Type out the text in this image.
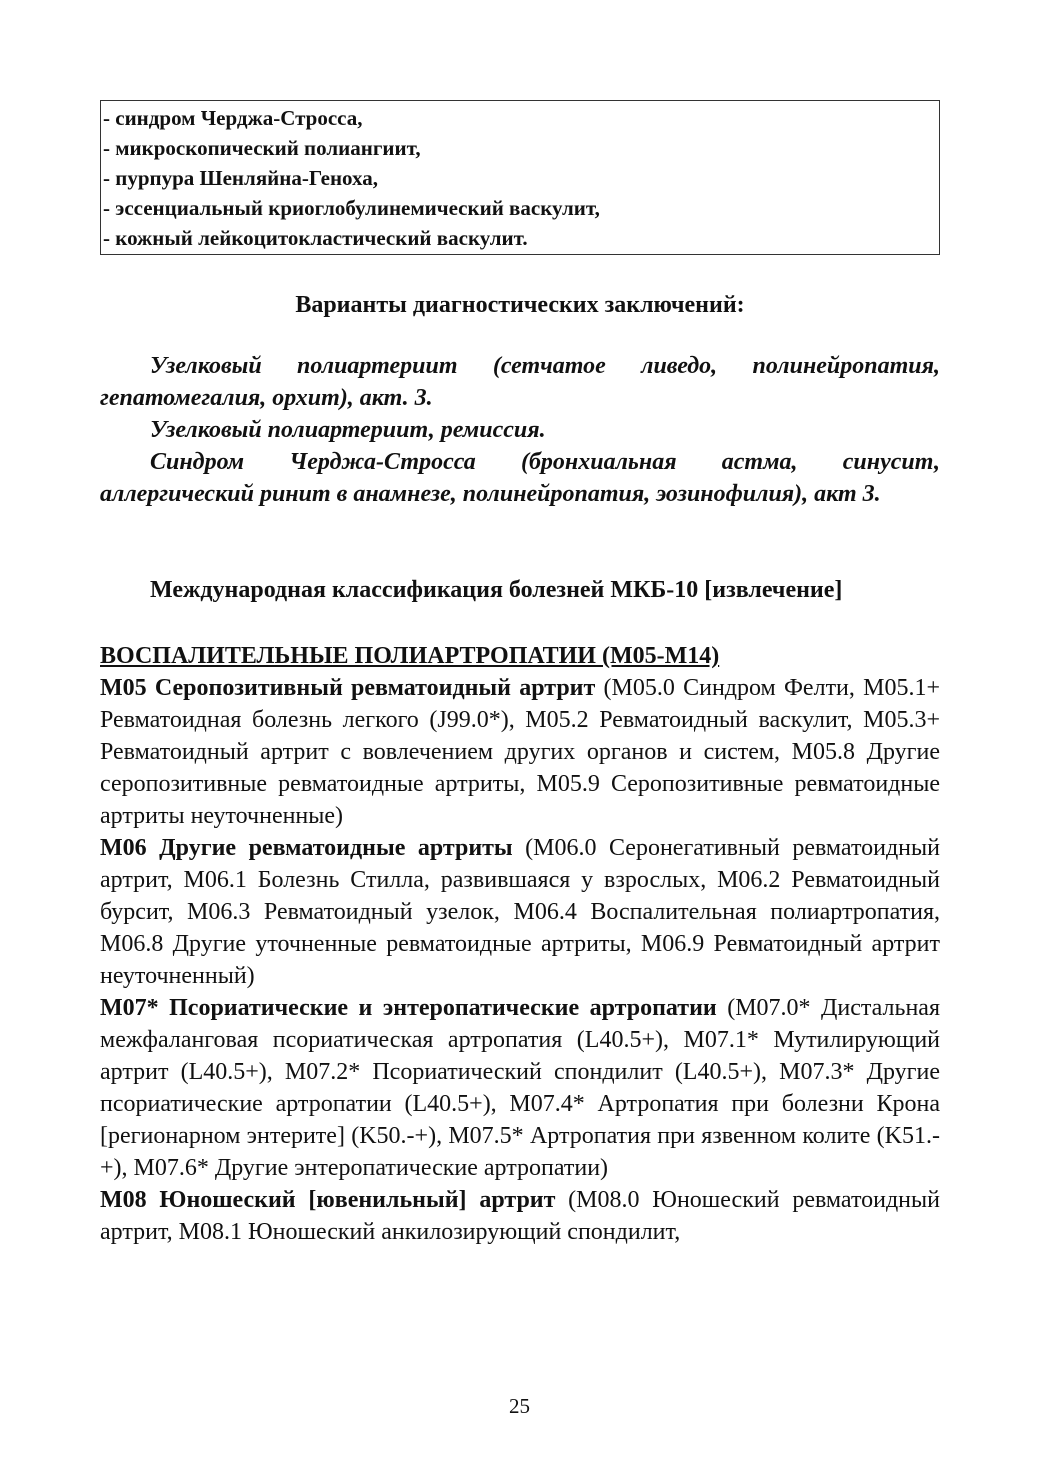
- синдром Черджа-Стросса,
- микроскопический полиангиит,
- пурпура Шенляйна-Геноха,
- эссенциальный криоглобулинемический васкулит,
- кожный лейкоцитокластический васкулит.
Варианты диагностических заключений:

Узелковый полиартериит (сетчатое ливедо, полинейропатия, гепатомегалия, орхит), акт. 3.

Узелковый полиартериит, ремиссия.

Синдром Черджа-Стросса (бронхиальная астма, синусит, аллергический ринит в анамнезе, полинейропатия, эозинофилия), акт 3.

Международная классификация болезней МКБ-10 [извлечение]
ВОСПАЛИТЕЛЬНЫЕ ПОЛИАРТРОПАТИИ (М05-М14)

М05 Серопозитивный ревматоидный артрит (М05.0 Синдром Фелти, М05.1+ Ревматоидная болезнь легкого (J99.0*), М05.2 Ревматоидный васкулит, М05.3+ Ревматоидный артрит с вовлечением других органов и систем, М05.8 Другие серопозитивные ревматоидные артриты, М05.9 Серопозитивные ревматоидные артриты неуточненные)

М06 Другие ревматоидные артриты (М06.0 Серонегативный ревматоидный артрит, М06.1 Болезнь Стилла, развившаяся у взрослых, М06.2 Ревматоидный бурсит, М06.3 Ревматоидный узелок, М06.4 Воспалительная полиартропатия, М06.8 Другие уточненные ревматоидные артриты, М06.9 Ревматоидный артрит неуточненный)

М07* Псориатические и энтеропатические артропатии (М07.0* Дистальная межфаланговая псориатическая артропатия (L40.5+), М07.1* Мутилирующий артрит (L40.5+), М07.2* Псориатический спондилит (L40.5+), М07.3* Другие псориатические артропатии (L40.5+), М07.4* Артропатия при болезни Крона [регионарном энтерите] (K50.-+), М07.5* Артропатия при язвенном колите (K51.-+), М07.6* Другие энтеропатические артропатии)

М08 Юношеский [ювенильный] артрит (М08.0 Юношеский ревматоидный артрит, М08.1 Юношеский анкилозирующий спондилит,

25
